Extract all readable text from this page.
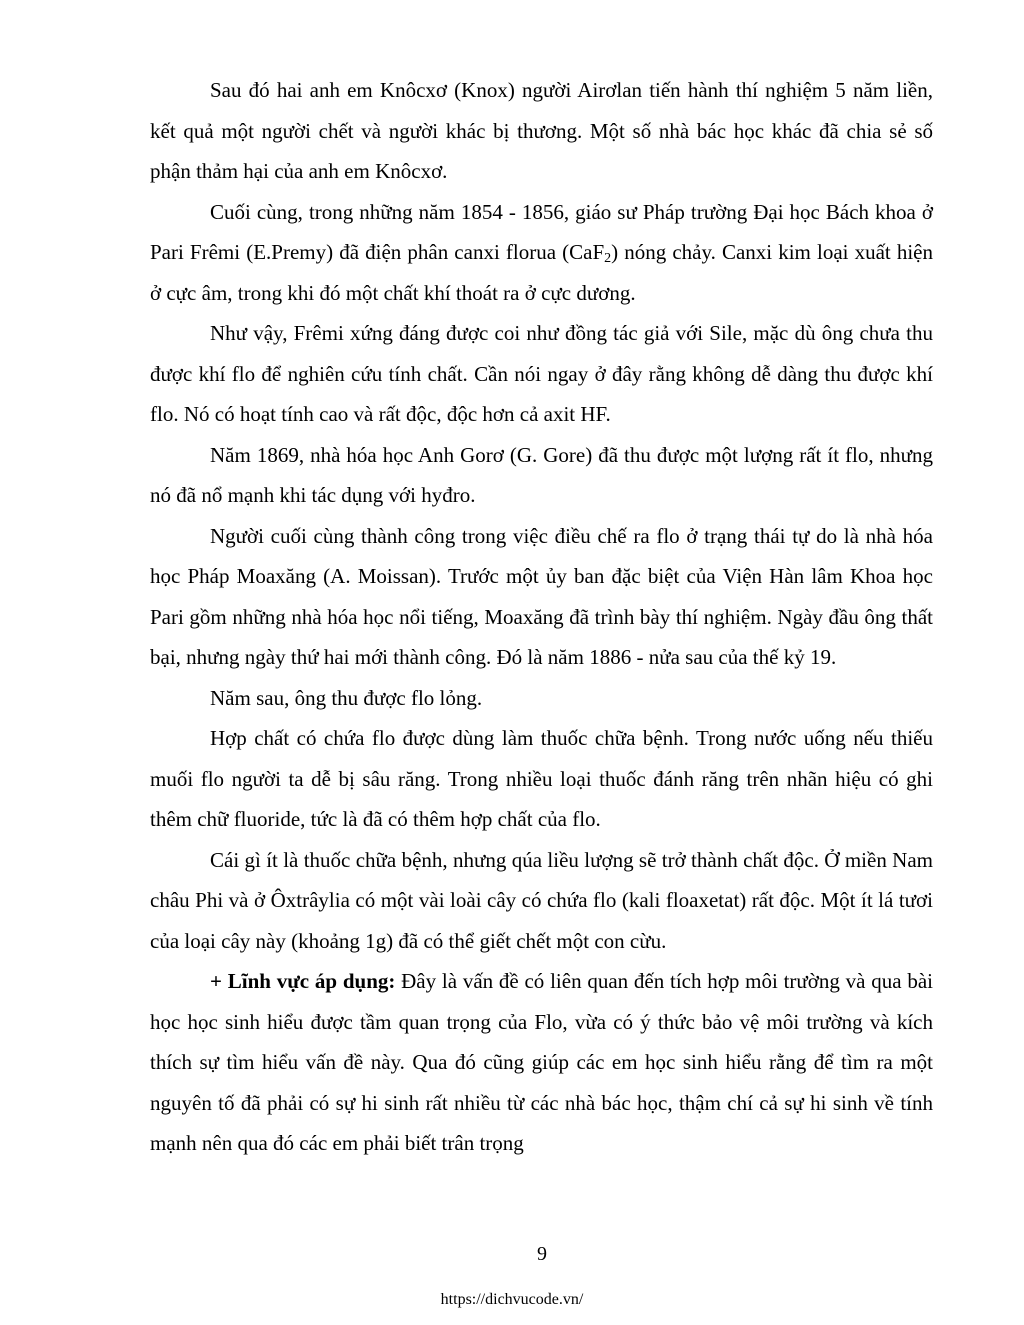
Sau đó hai anh em Knôcxơ (Knox) người Airơlan tiến hành thí nghiệm 5 năm liền, kết quả một người chết và người khác bị thương. Một số nhà bác học khác đã chia sẻ số phận thảm hại của anh em Knôcxơ.

Cuối cùng, trong những năm 1854 - 1856, giáo sư Pháp trường Đại học Bách khoa ở Pari Frêmi (E.Premy) đã điện phân canxi florua (CaF$_2$) nóng chảy. Canxi kim loại xuất hiện ở cực âm, trong khi đó một chất khí thoát ra ở cực dương.

Như vậy, Frêmi xứng đáng được coi như đồng tác giả với Sile, mặc dù ông chưa thu được khí flo để nghiên cứu tính chất. Cần nói ngay ở đây rằng không dễ dàng thu được khí flo. Nó có hoạt tính cao và rất độc, độc hơn cả axit HF.

Năm 1869, nhà hóa học Anh Gorơ (G. Gore) đã thu được một lượng rất ít flo, nhưng nó đã nổ mạnh khi tác dụng với hyđro.

Người cuối cùng thành công trong việc điều chế ra flo ở trạng thái tự do là nhà hóa học Pháp Moaxăng (A. Moissan). Trước một ủy ban đặc biệt của Viện Hàn lâm Khoa học Pari gồm những nhà hóa học nổi tiếng, Moaxăng đã trình bày thí nghiệm. Ngày đầu ông thất bại, nhưng ngày thứ hai mới thành công. Đó là năm 1886 - nửa sau của thế kỷ 19.

Năm sau, ông thu được flo lỏng.

Hợp chất có chứa flo được dùng làm thuốc chữa bệnh. Trong nước uống nếu thiếu muối flo người ta dễ bị sâu răng. Trong nhiều loại thuốc đánh răng trên nhãn hiệu có ghi thêm chữ fluoride, tức là đã có thêm hợp chất của flo.

Cái gì ít là thuốc chữa bệnh, nhưng qúa liều lượng sẽ trở thành chất độc. Ở miền Nam châu Phi và ở Ôxtrâylia có một vài loài cây có chứa flo (kali floaxetat) rất độc. Một ít lá tươi của loại cây này (khoảng 1g) đã có thể giết chết một con cừu.

+ Lĩnh vực áp dụng: Đây là vấn đề có liên quan đến tích hợp môi trường và qua bài học học sinh hiểu được tầm quan trọng của Flo, vừa có ý thức bảo vệ môi trường và kích thích sự tìm hiểu vấn đề này. Qua đó cũng giúp các em học sinh hiểu rằng để tìm ra một nguyên tố đã phải có sự hi sinh rất nhiều từ các nhà bác học, thậm chí cả sự hi sinh về tính mạnh nên qua đó các em phải biết trân trọng

9
https://dichvucode.vn/
